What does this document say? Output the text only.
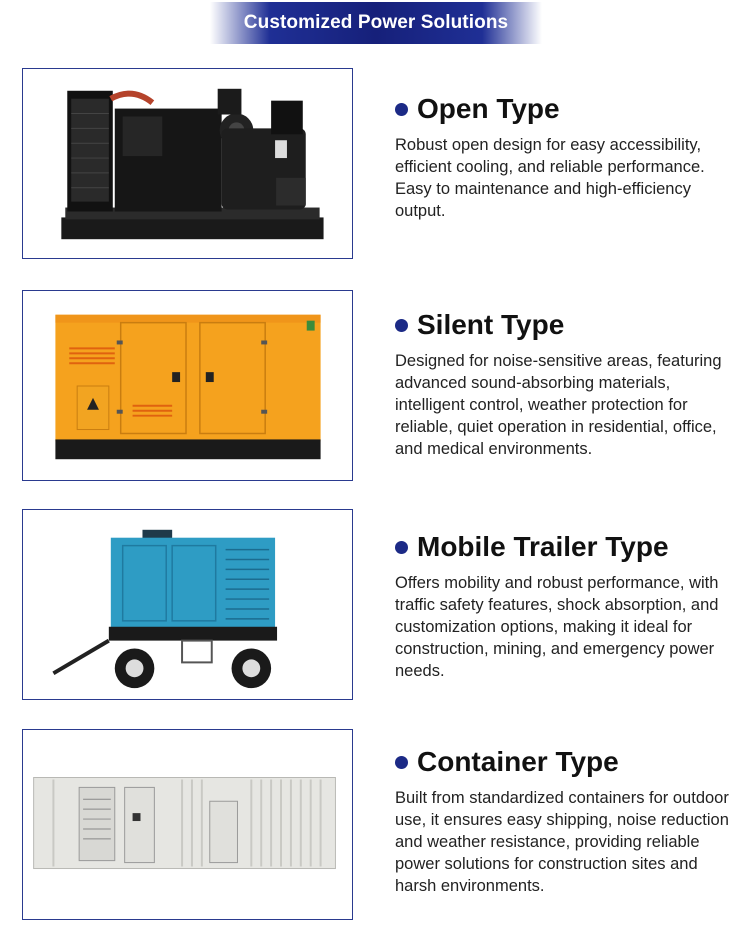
Customized Power Solutions
Open Type
Robust open design for easy accessibility, efficient cooling, and reliable performance. Easy to maintenance and high-efficiency output.
Silent Type
Designed for noise-sensitive areas, featuring advanced sound-absorbing materials, intelligent control, weather protection for reliable, quiet operation in residential, office, and medical environments.
Mobile Trailer Type
Offers mobility and robust performance, with traffic safety features, shock absorption, and customization options, making it ideal for construction, mining, and emergency power needs.
Container Type
Built from standardized containers for outdoor use, it ensures easy shipping, noise reduction and weather resistance, providing reliable power solutions for construction sites and harsh environments.
